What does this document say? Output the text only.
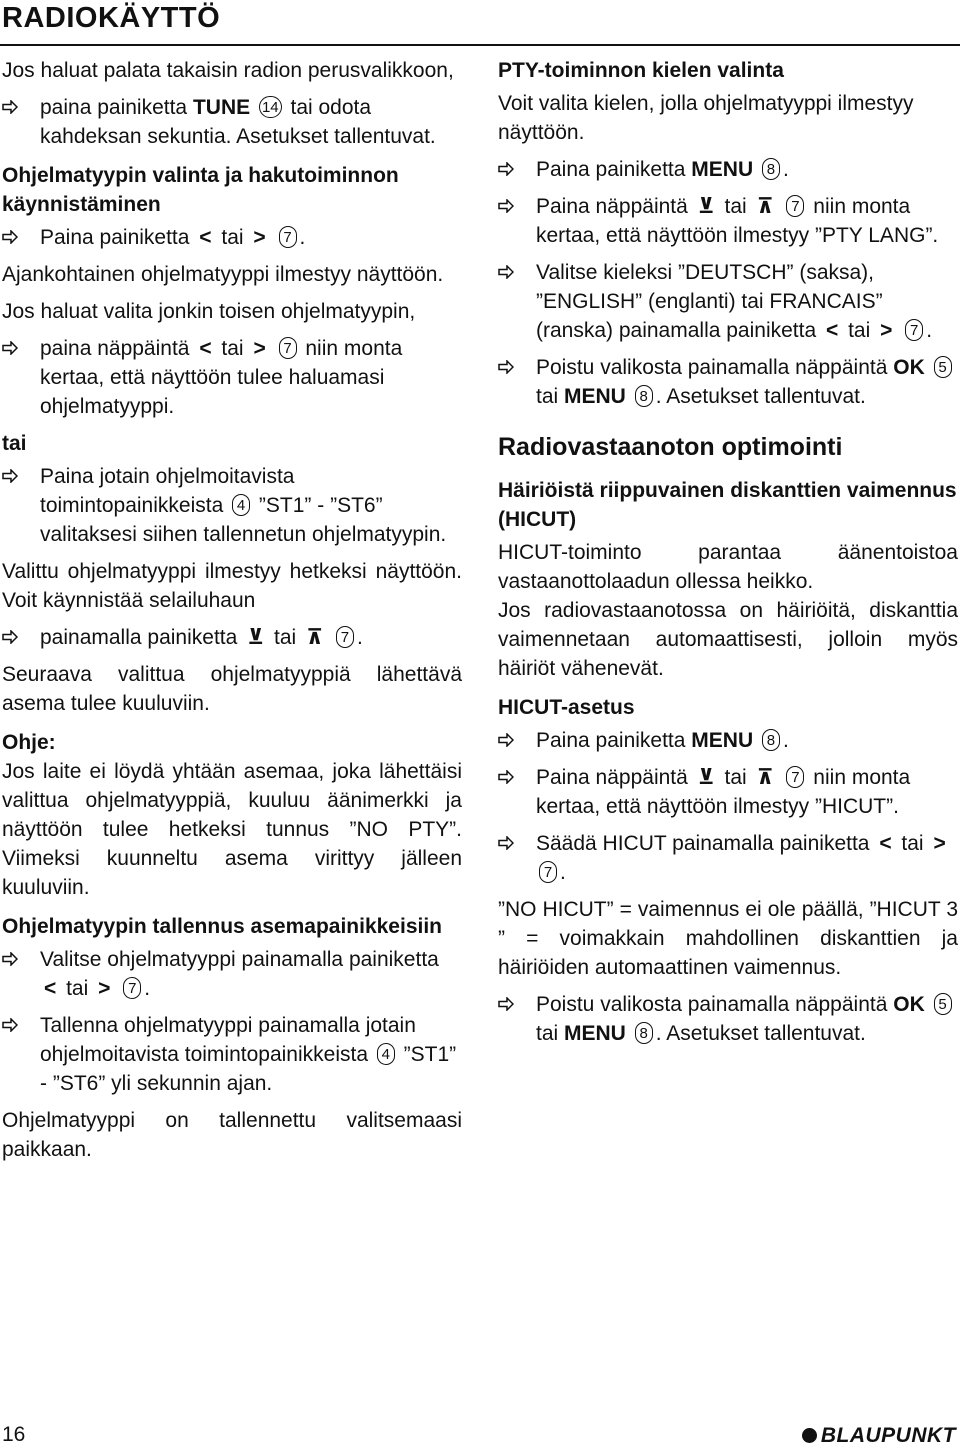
RADIOKÄYTTÖ

Jos haluat palata takaisin radion perusvalikkoon,

paina painiketta TUNE 14 tai odota kahdeksan sekuntia. Asetukset tallentuvat.

Ohjelmatyypin valinta ja hakutoiminnon käynnistäminen

Paina painiketta < tai > 7 .

Ajankohtainen ohjelmatyyppi ilmestyy näyttöön.

Jos haluat valita jonkin toisen ohjelmatyypin,

paina näppäintä < tai > 7 niin monta kertaa, että näyttöön tulee haluamasi ohjelmatyyppi.

tai

Paina jotain ohjelmoitavista toimintopainikkeista 4 ”ST1” - ”ST6” valitaksesi siihen tallennetun ohjelmatyypin.

Valittu ohjelmatyyppi ilmestyy hetkeksi näyttöön. Voit käynnistää selailuhaun

painamalla painiketta ⊻ tai ⊼ 7 .

Seuraava valittua ohjelmatyyppiä lähettävä asema tulee kuuluviin.

Ohje:

Jos laite ei löydä yhtään asemaa, joka lähettäisi valittua ohjelmatyyppiä, kuuluu äänimerkki ja näyttöön tulee hetkeksi tunnus ”NO PTY”. Viimeksi kuunneltu asema virittyy jälleen kuuluviin.

Ohjelmatyypin tallennus asemapainikkeisiin

Valitse ohjelmatyyppi painamalla painiketta < tai > 7 .
Tallenna ohjelmatyyppi painamalla jotain ohjelmoitavista toimintopainikkeista 4 ”ST1” - ”ST6” yli sekunnin ajan.

Ohjelmatyyppi on tallennettu valitsemaasi paikkaan.

PTY-toiminnon kielen valinta

Voit valita kielen, jolla ohjelmatyyppi ilmestyy näyttöön.

Paina painiketta MENU 8 .
Paina näppäintä ⊻ tai ⊼ 7 niin monta kertaa, että näyttöön ilmestyy ”PTY LANG”.
Valitse kieleksi ”DEUTSCH” (saksa), ”ENGLISH” (englanti) tai FRANCAIS” (ranska) painamalla painiketta < tai > 7 .
Poistu valikosta painamalla näppäintä OK 5 tai MENU 8 . Asetukset tallentuvat.

Radiovastaanoton optimointi

Häiriöistä riippuvainen diskanttien vaimennus (HICUT)

HICUT-toiminto parantaa äänentoistoa vastaanottolaadun ollessa heikko.

Jos radiovastaanotossa on häiriöitä, diskanttia vaimennetaan automaattisesti, jolloin myös häiriöt vähenevät.

HICUT-asetus

Paina painiketta MENU 8 .
Paina näppäintä ⊻ tai ⊼ 7 niin monta kertaa, että näyttöön ilmestyy ”HICUT”.
Säädä HICUT painamalla painiketta < tai > 7 .

”NO HICUT” = vaimennus ei ole päällä, ”HICUT 3 ” = voimakkain mahdollinen diskanttien ja häiriöiden automaattinen vaimennus.

Poistu valikosta painamalla näppäintä OK 5 tai MENU 8 . Asetukset tallentuvat.
16	BLAUPUNKT
